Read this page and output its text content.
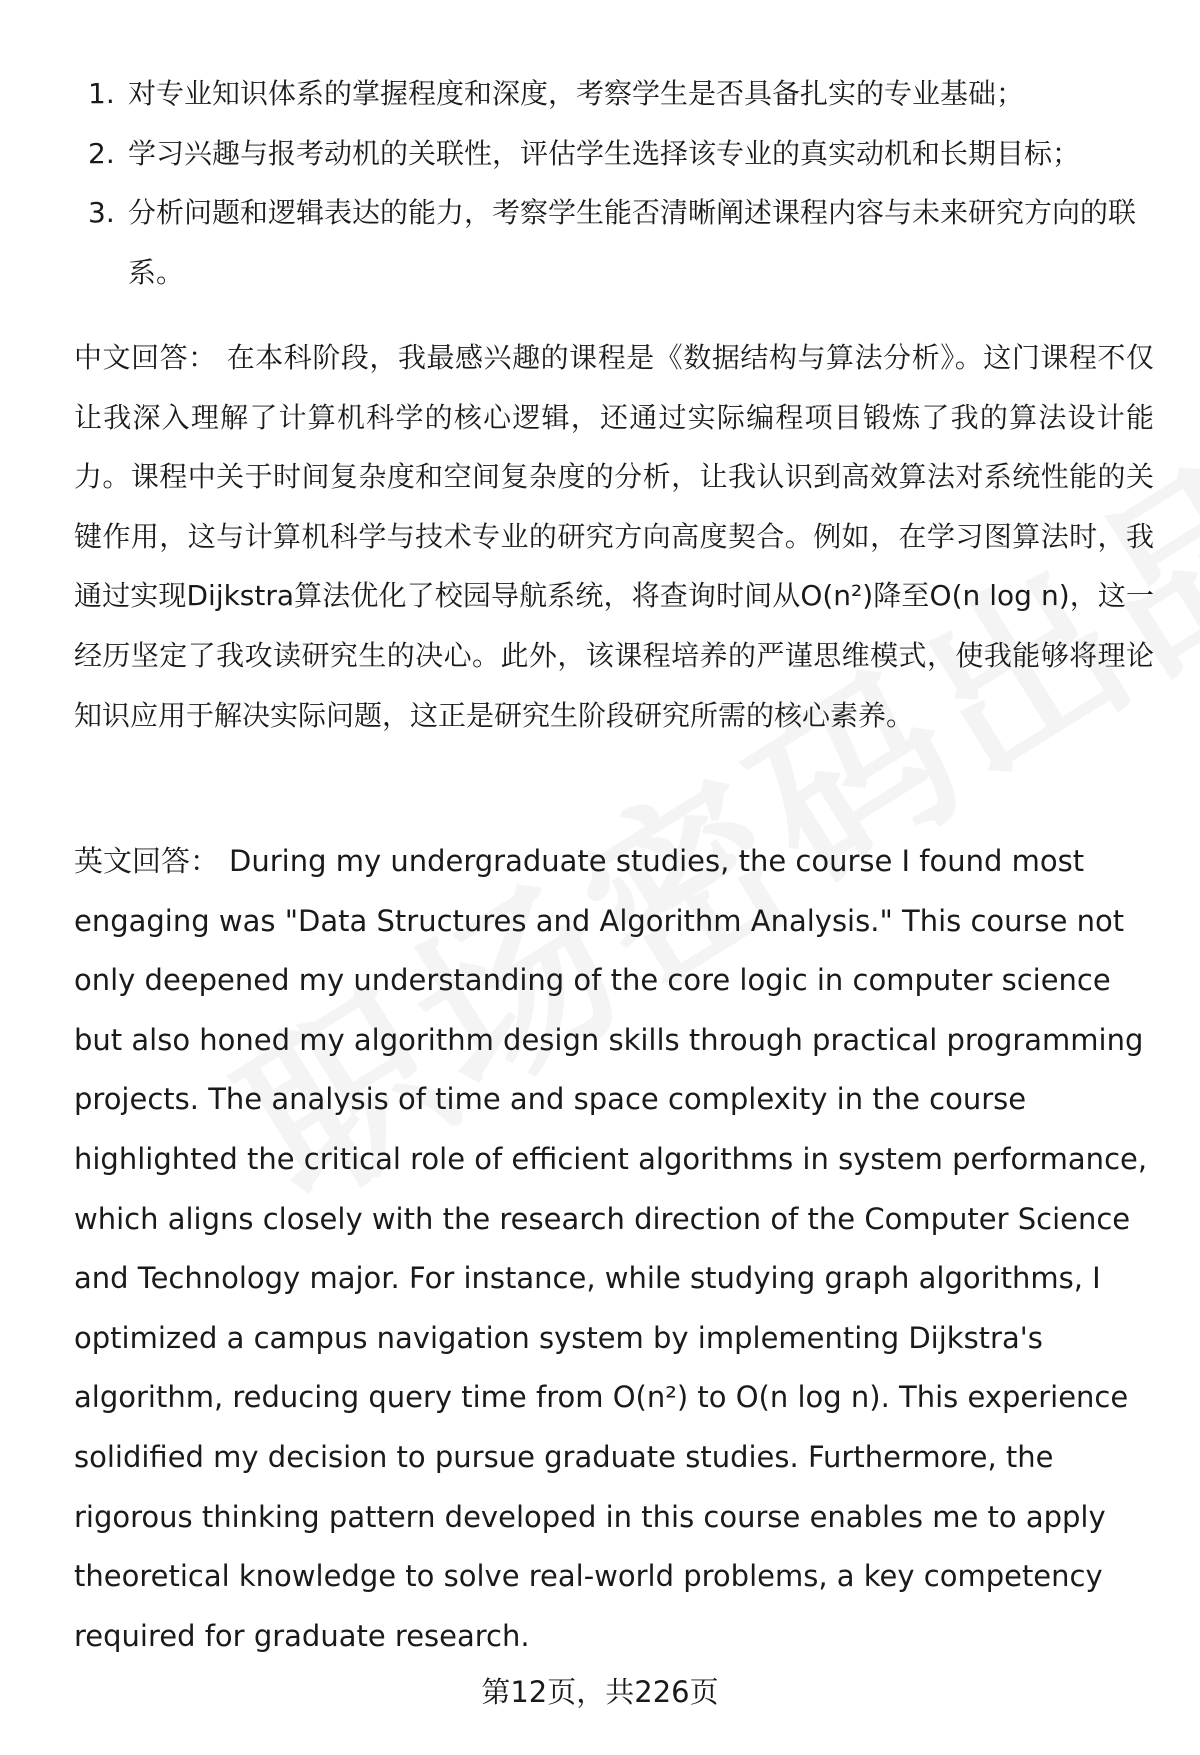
1. 对专业知识体系的掌握程度和深度，考察学生是否具备扎实的专业基础；
2. 学习兴趣与报考动机的关联性，评估学生选择该专业的真实动机和长期目标；
3. 分析问题和逻辑表达的能力，考察学生能否清晰阐述课程内容与未来研究方向的联系。

中文回答： 在本科阶段，我最感兴趣的课程是《数据结构与算法分析》。这门课程不仅让我深入理解了计算机科学的核心逻辑，还通过实际编程项目锻炼了我的算法设计能力。课程中关于时间复杂度和空间复杂度的分析，让我认识到高效算法对系统性能的关键作用，这与计算机科学与技术专业的研究方向高度契合。例如，在学习图算法时，我通过实现Dijkstra算法优化了校园导航系统，将查询时间从O(n²)降至O(n log n)，这一经历坚定了我攻读研究生的决心。此外，该课程培养的严谨思维模式，使我能够将理论知识应用于解决实际问题，这正是研究生阶段研究所需的核心素养。

英文回答： During my undergraduate studies, the course I found most engaging was "Data Structures and Algorithm Analysis." This course not only deepened my understanding of the core logic in computer science but also honed my algorithm design skills through practical programming projects. The analysis of time and space complexity in the course highlighted the critical role of efficient algorithms in system performance, which aligns closely with the research direction of the Computer Science and Technology major. For instance, while studying graph algorithms, I optimized a campus navigation system by implementing Dijkstra's algorithm, reducing query time from O(n²) to O(n log n). This experience solidified my decision to pursue graduate studies. Furthermore, the rigorous thinking pattern developed in this course enables me to apply theoretical knowledge to solve real-world problems, a key competency required for graduate research.

第12页，共226页
